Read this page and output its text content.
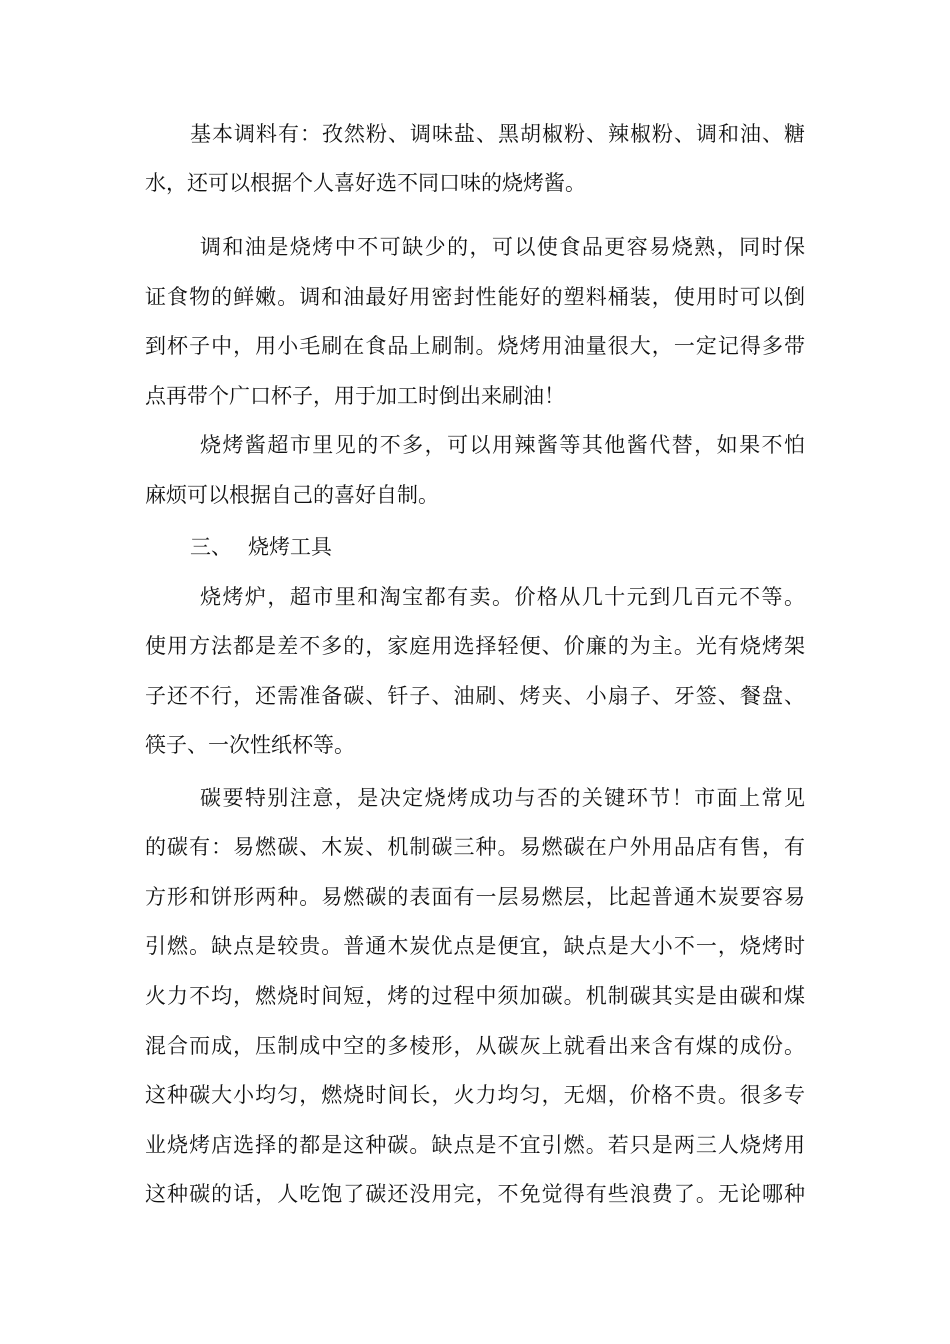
基本调料有：孜然粉、调味盐、黑胡椒粉、辣椒粉、调和油、糖
水，还可以根据个人喜好选不同口味的烧烤酱。
调和油是烧烤中不可缺少的，可以使食品更容易烧熟，同时保
证食物的鲜嫩。调和油最好用密封性能好的塑料桶装，使用时可以倒
到杯子中，用小毛刷在食品上刷制。烧烤用油量很大，一定记得多带
点再带个广口杯子，用于加工时倒出来刷油！
烧烤酱超市里见的不多，可以用辣酱等其他酱代替，如果不怕
麻烦可以根据自己的喜好自制。
三、 烧烤工具
烧烤炉，超市里和淘宝都有卖。价格从几十元到几百元不等。
使用方法都是差不多的，家庭用选择轻便、价廉的为主。光有烧烤架
子还不行，还需准备碳、钎子、油刷、烤夹、小扇子、牙签、餐盘、
筷子、一次性纸杯等。
碳要特别注意，是决定烧烤成功与否的关键环节！市面上常见
的碳有：易燃碳、木炭、机制碳三种。易燃碳在户外用品店有售，有
方形和饼形两种。易燃碳的表面有一层易燃层，比起普通木炭要容易
引燃。缺点是较贵。普通木炭优点是便宜，缺点是大小不一，烧烤时
火力不均，燃烧时间短，烤的过程中须加碳。机制碳其实是由碳和煤
混合而成，压制成中空的多棱形，从碳灰上就看出来含有煤的成份。
这种碳大小均匀，燃烧时间长，火力均匀，无烟，价格不贵。很多专
业烧烤店选择的都是这种碳。缺点是不宜引燃。若只是两三人烧烤用
这种碳的话，人吃饱了碳还没用完，不免觉得有些浪费了。无论哪种
